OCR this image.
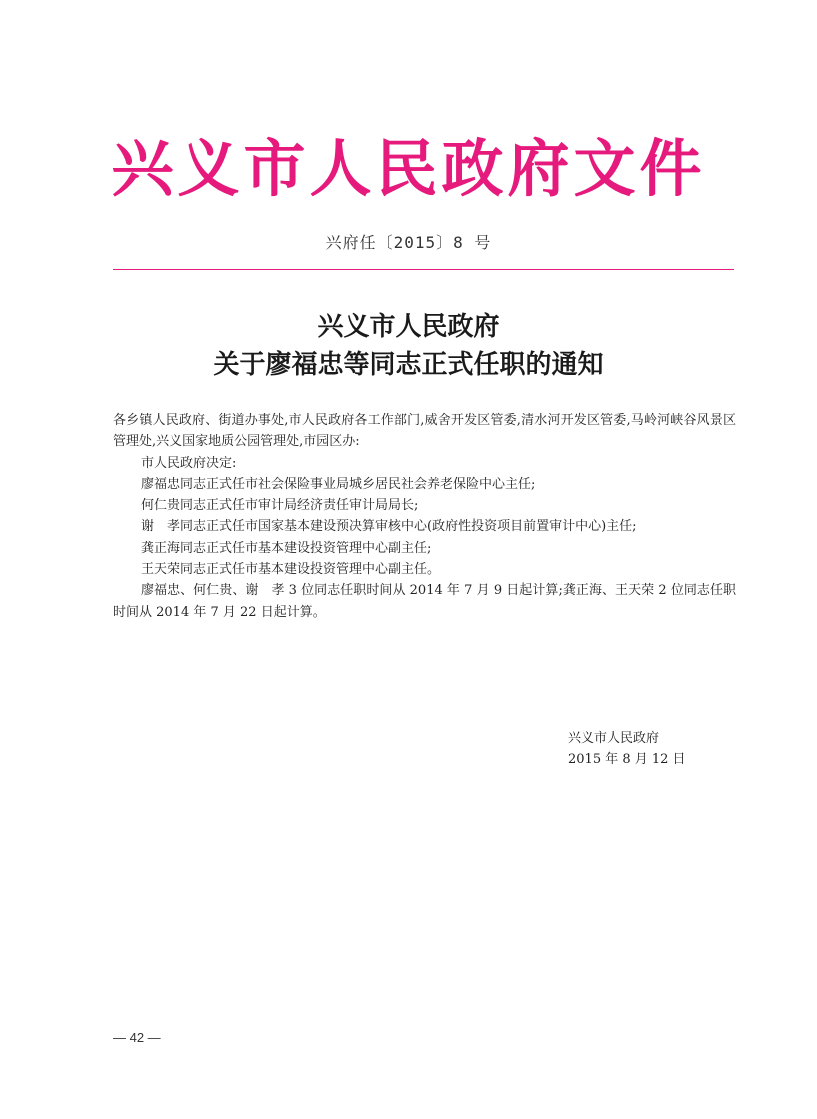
兴义市人民政府文件
兴府任〔2015〕8 号
兴义市人民政府
关于廖福忠等同志正式任职的通知

各乡镇人民政府、街道办事处,市人民政府各工作部门,威舍开发区管委,清水河开发区管委,马岭河峡谷风景区管理处,兴义国家地质公园管理处,市园区办:

市人民政府决定:

廖福忠同志正式任市社会保险事业局城乡居民社会养老保险中心主任;

何仁贵同志正式任市审计局经济责任审计局局长;

谢　孝同志正式任市国家基本建设预决算审核中心(政府性投资项目前置审计中心)主任;

龚正海同志正式任市基本建设投资管理中心副主任;

王天荣同志正式任市基本建设投资管理中心副主任。

廖福忠、何仁贵、谢　孝 3 位同志任职时间从 2014 年 7 月 9 日起计算;龚正海、王天荣 2 位同志任职时间从 2014 年 7 月 22 日起计算。

兴义市人民政府
2015 年 8 月 12 日
— 42 —
